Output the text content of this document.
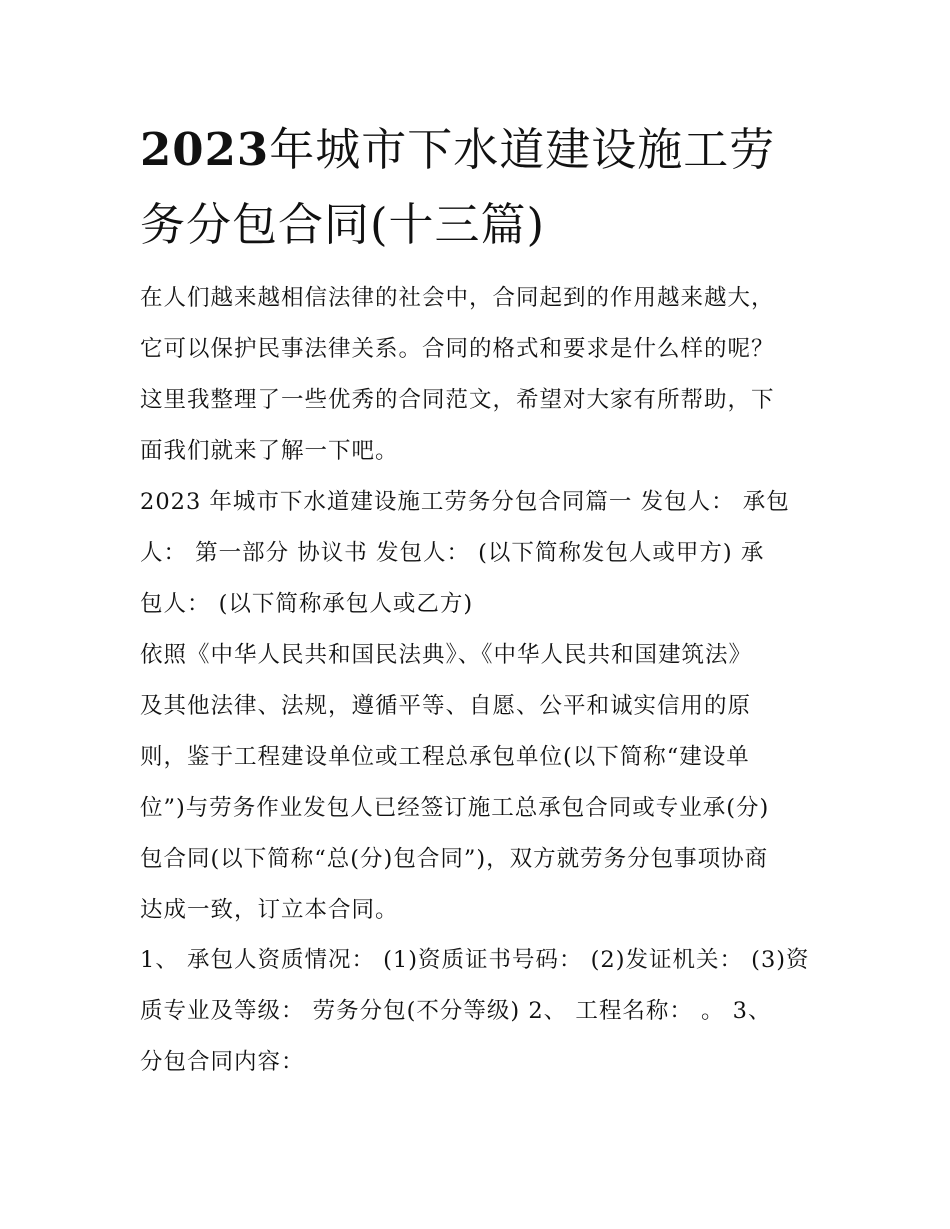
2023年城市下水道建设施工劳
务分包合同(十三篇)

在人们越来越相信法律的社会中，合同起到的作用越来越大，
它可以保护民事法律关系。合同的格式和要求是什么样的呢？
这里我整理了一些优秀的合同范文，希望对大家有所帮助，下
面我们就来了解一下吧。

2023 年城市下水道建设施工劳务分包合同篇一 发包人： 承包
人： 第一部分 协议书 发包人： (以下简称发包人或甲方) 承
包人： (以下简称承包人或乙方)

依照《中华人民共和国民法典》、《中华人民共和国建筑法》
及其他法律、法规，遵循平等、自愿、公平和诚实信用的原
则，鉴于工程建设单位或工程总承包单位(以下简称“建设单
位”)与劳务作业发包人已经签订施工总承包合同或专业承(分)
包合同(以下简称“总(分)包合同”)，双方就劳务分包事项协商
达成一致，订立本合同。

1、 承包人资质情况： (1)资质证书号码： (2)发证机关： (3)资
质专业及等级： 劳务分包(不分等级) 2、 工程名称： 。 3、
分包合同内容：
